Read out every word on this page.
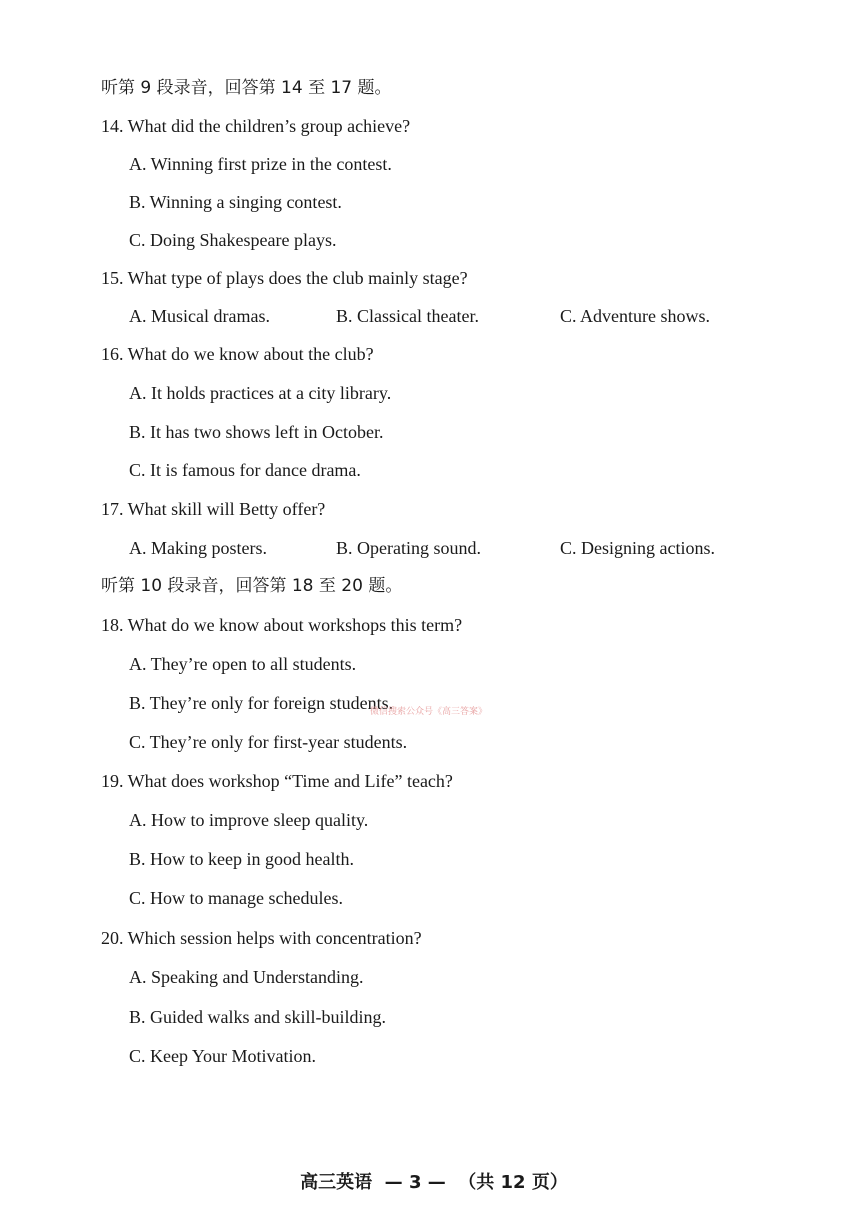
听第 9 段录音，回答第 14 至 17 题。
14. What did the children’s group achieve?
A. Winning first prize in the contest.
B. Winning a singing contest.
C. Doing Shakespeare plays.
15. What type of plays does the club mainly stage?
A. Musical dramas.	B. Classical theater.	C. Adventure shows.
16. What do we know about the club?
A. It holds practices at a city library.
B. It has two shows left in October.
C. It is famous for dance drama.
17. What skill will Betty offer?
A. Making posters.	B. Operating sound.	C. Designing actions.
听第 10 段录音，回答第 18 至 20 题。
18. What do we know about workshops this term?
A. They’re open to all students.
B. They’re only for foreign students.
微信搜索公众号《高三答案》
C. They’re only for first-year students.
19. What does workshop “Time and Life” teach?
A. How to improve sleep quality.
B. How to keep in good health.
C. How to manage schedules.
20. Which session helps with concentration?
A. Speaking and Understanding.
B. Guided walks and skill-building.
C. Keep Your Motivation.
高三英语  — 3 —  （共 12 页）
